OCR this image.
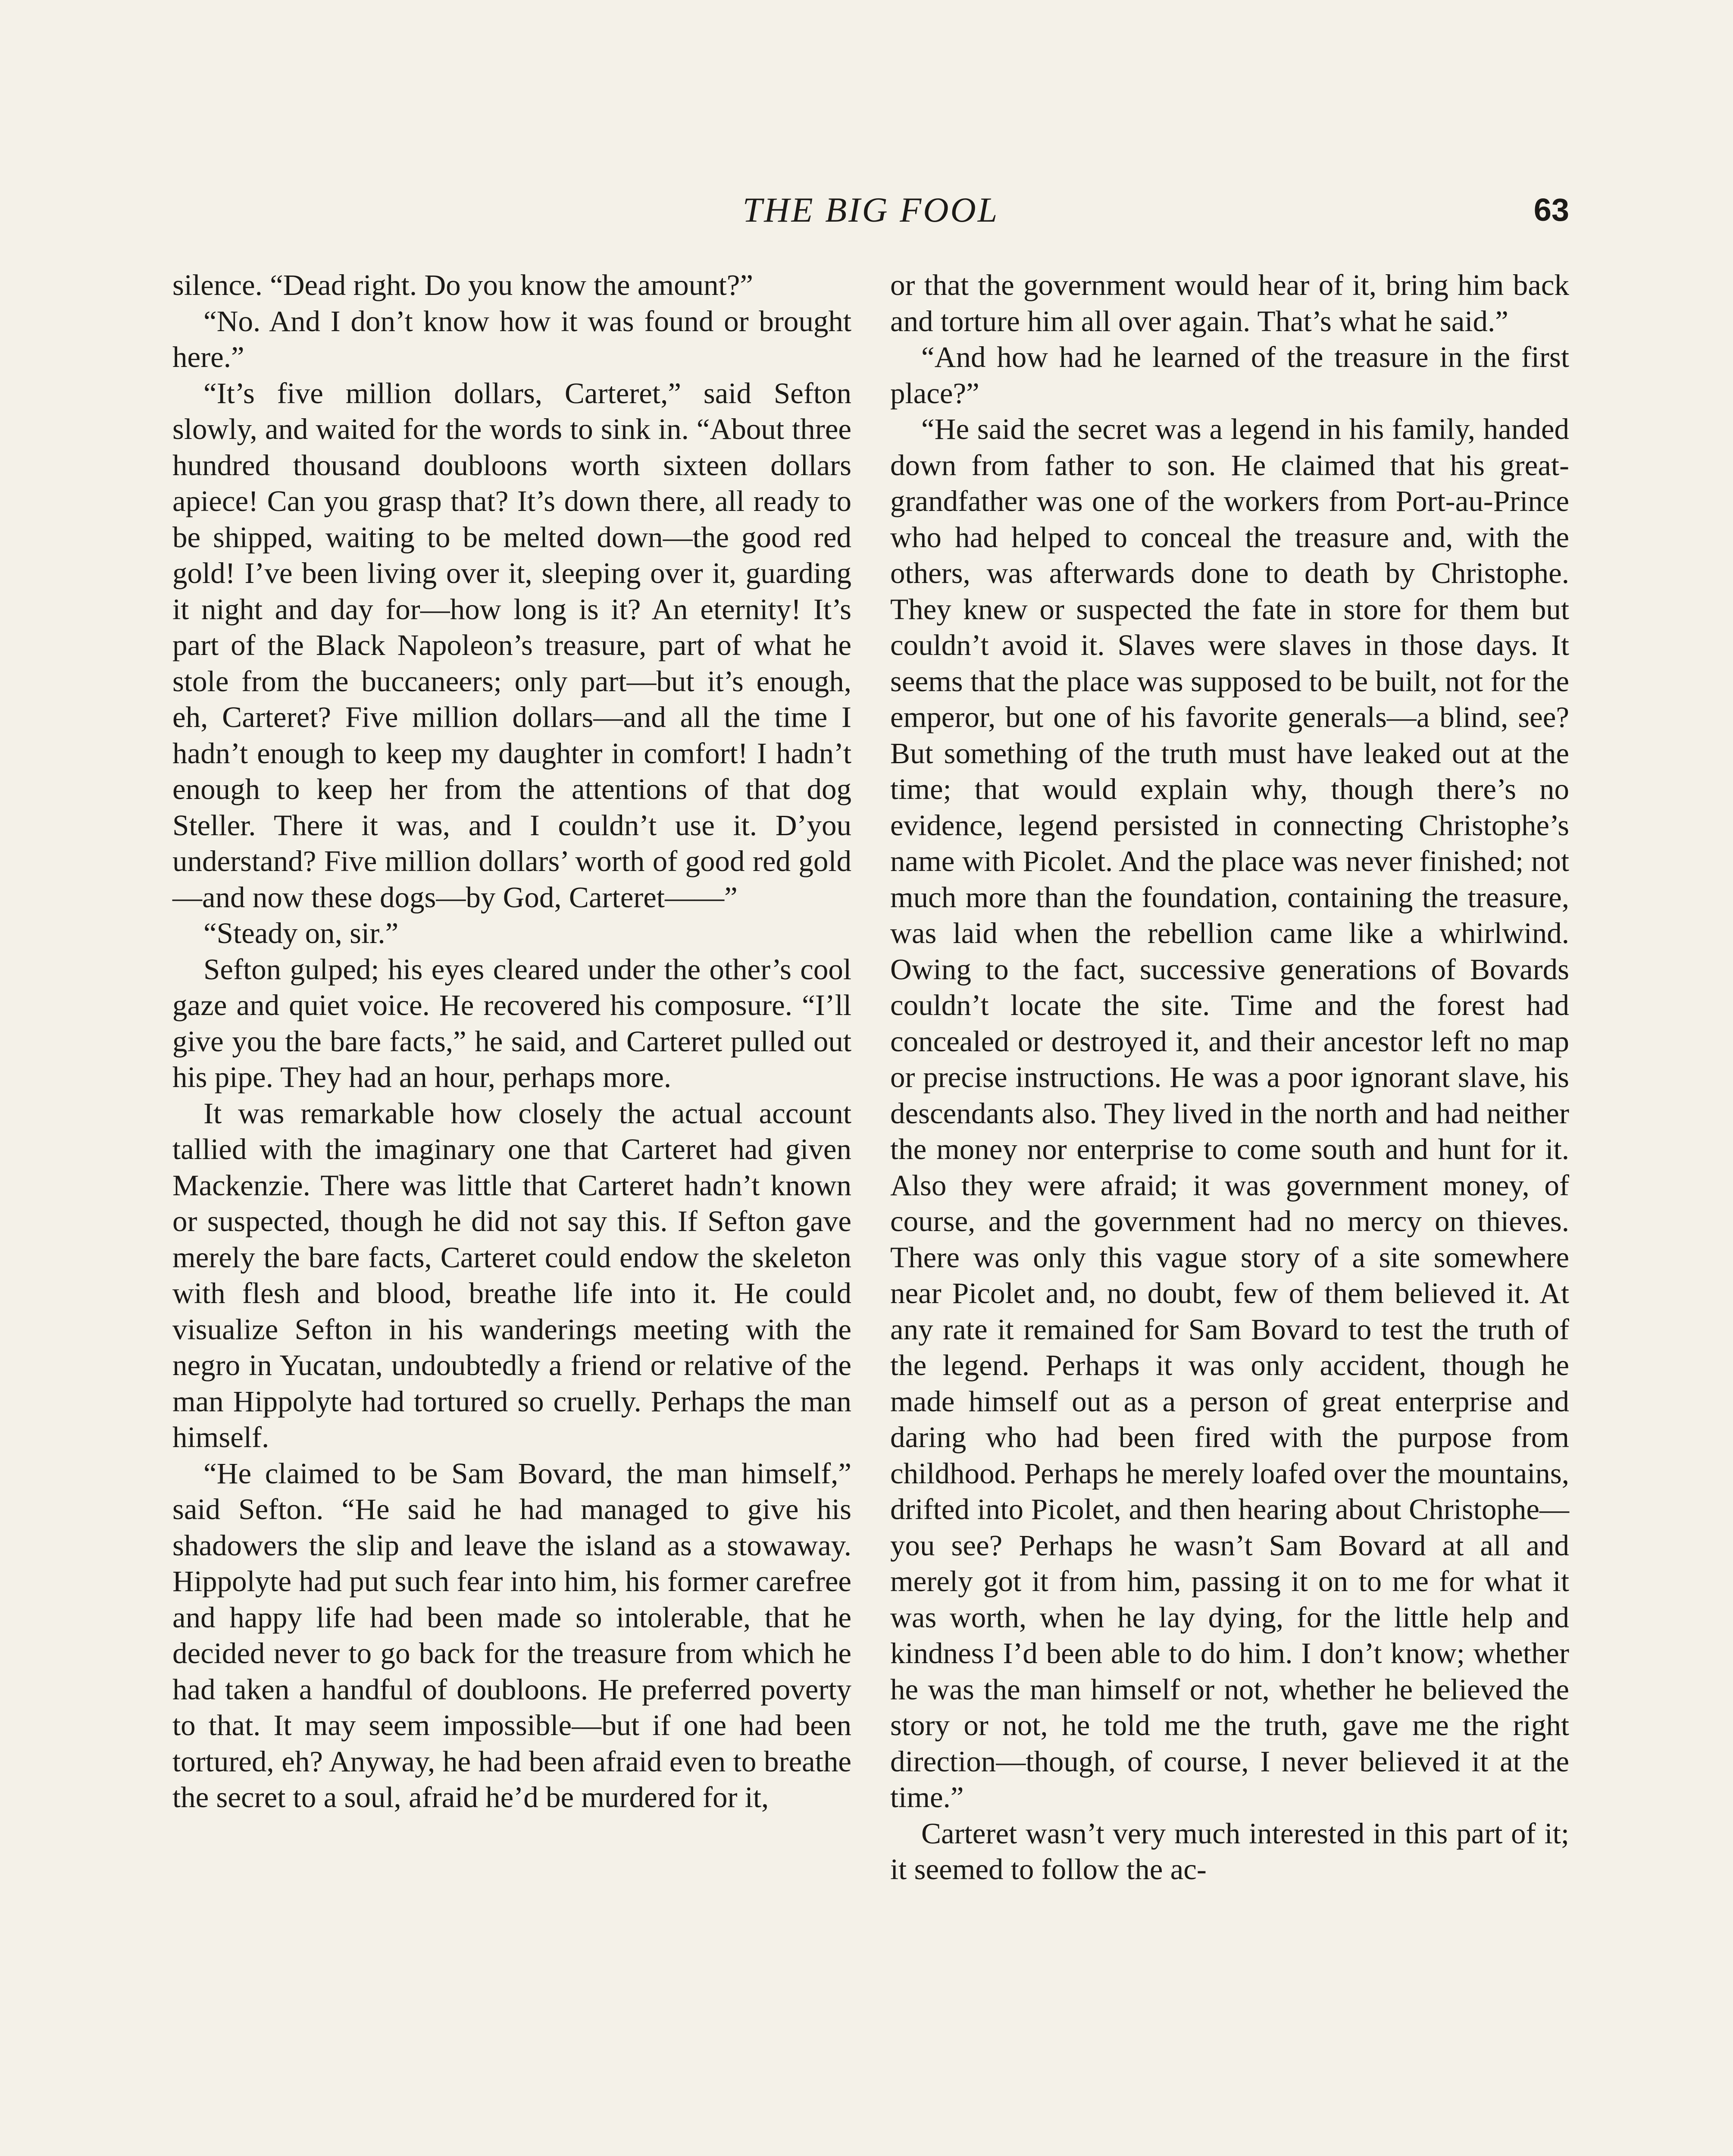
THE BIG FOOL	63

silence. “Dead right. Do you know the amount?”

“No. And I don’t know how it was found or brought here.”

“It’s five million dollars, Carteret,” said Sefton slowly, and waited for the words to sink in. “About three hundred thousand doubloons worth sixteen dollars apiece! Can you grasp that? It’s down there, all ready to be shipped, waiting to be melted down—the good red gold! I’ve been living over it, sleeping over it, guarding it night and day for—how long is it? An eternity! It’s part of the Black Napoleon’s treasure, part of what he stole from the buccaneers; only part—but it’s enough, eh, Carteret? Five million dollars—and all the time I hadn’t enough to keep my daughter in comfort! I hadn’t enough to keep her from the attentions of that dog Steller. There it was, and I couldn’t use it. D’you understand? Five million dollars’ worth of good red gold—and now these dogs—by God, Carteret——”

“Steady on, sir.”

Sefton gulped; his eyes cleared under the other’s cool gaze and quiet voice. He recovered his composure. “I’ll give you the bare facts,” he said, and Carteret pulled out his pipe. They had an hour, perhaps more.

It was remarkable how closely the actual account tallied with the imaginary one that Carteret had given Mackenzie. There was little that Carteret hadn’t known or suspected, though he did not say this. If Sefton gave merely the bare facts, Carteret could endow the skeleton with flesh and blood, breathe life into it. He could visualize Sefton in his wanderings meeting with the negro in Yucatan, undoubtedly a friend or relative of the man Hippolyte had tortured so cruelly. Perhaps the man himself.

“He claimed to be Sam Bovard, the man himself,” said Sefton. “He said he had managed to give his shadowers the slip and leave the island as a stowaway. Hippolyte had put such fear into him, his former carefree and happy life had been made so intolerable, that he decided never to go back for the treasure from which he had taken a handful of doubloons. He preferred poverty to that. It may seem impossible—but if one had been tortured, eh? Anyway, he had been afraid even to breathe the secret to a soul, afraid he’d be murdered for it,

or that the government would hear of it, bring him back and torture him all over again. That’s what he said.”

“And how had he learned of the treasure in the first place?”

“He said the secret was a legend in his family, handed down from father to son. He claimed that his great-grandfather was one of the workers from Port-au-Prince who had helped to conceal the treasure and, with the others, was afterwards done to death by Christophe. They knew or suspected the fate in store for them but couldn’t avoid it. Slaves were slaves in those days. It seems that the place was supposed to be built, not for the emperor, but one of his favorite generals—a blind, see? But something of the truth must have leaked out at the time; that would explain why, though there’s no evidence, legend persisted in connecting Christophe’s name with Picolet. And the place was never finished; not much more than the foundation, containing the treasure, was laid when the rebellion came like a whirlwind. Owing to the fact, successive generations of Bovards couldn’t locate the site. Time and the forest had concealed or destroyed it, and their ancestor left no map or precise instructions. He was a poor ignorant slave, his descendants also. They lived in the north and had neither the money nor enterprise to come south and hunt for it. Also they were afraid; it was government money, of course, and the government had no mercy on thieves. There was only this vague story of a site somewhere near Picolet and, no doubt, few of them believed it. At any rate it remained for Sam Bovard to test the truth of the legend. Perhaps it was only accident, though he made himself out as a person of great enterprise and daring who had been fired with the purpose from childhood. Perhaps he merely loafed over the mountains, drifted into Picolet, and then hearing about Christophe—you see? Perhaps he wasn’t Sam Bovard at all and merely got it from him, passing it on to me for what it was worth, when he lay dying, for the little help and kindness I’d been able to do him. I don’t know; whether he was the man himself or not, whether he believed the story or not, he told me the truth, gave me the right direction—though, of course, I never believed it at the time.”

Carteret wasn’t very much interested in this part of it; it seemed to follow the ac-
